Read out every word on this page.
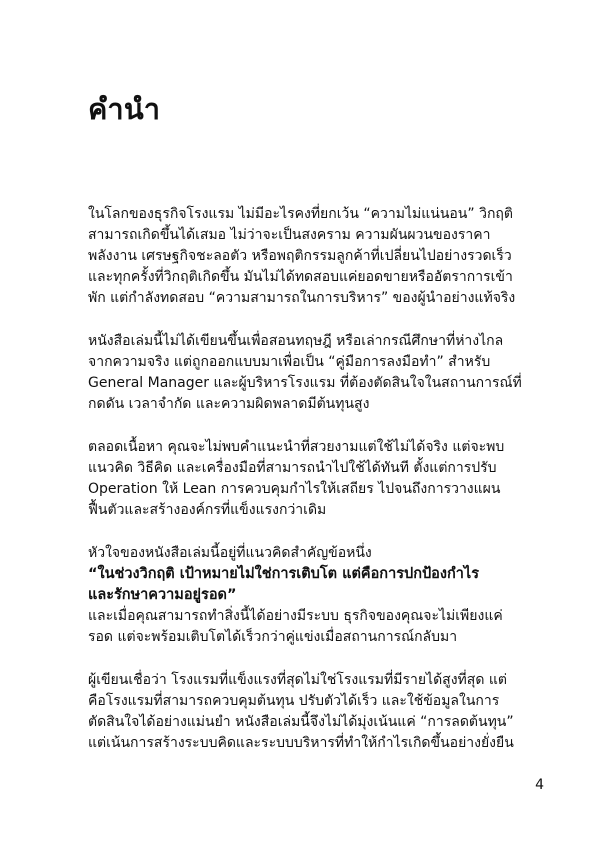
คำนำ

ในโลกของธุรกิจโรงแรม ไม่มีอะไรคงที่ยกเว้น “ความไม่แน่นอน” วิกฤติ
สามารถเกิดขึ้นได้เสมอ ไม่ว่าจะเป็นสงคราม ความผันผวนของราคา
พลังงาน เศรษฐกิจชะลอตัว หรือพฤติกรรมลูกค้าที่เปลี่ยนไปอย่างรวดเร็ว
และทุกครั้งที่วิกฤติเกิดขึ้น มันไม่ได้ทดสอบแค่ยอดขายหรืออัตราการเข้า
พัก แต่กำลังทดสอบ “ความสามารถในการบริหาร” ของผู้นำอย่างแท้จริง

หนังสือเล่มนี้ไม่ได้เขียนขึ้นเพื่อสอนทฤษฎี หรือเล่ากรณีศึกษาที่ห่างไกล
จากความจริง แต่ถูกออกแบบมาเพื่อเป็น “คู่มือการลงมือทำ” สำหรับ
General Manager และผู้บริหารโรงแรม ที่ต้องตัดสินใจในสถานการณ์ที่
กดดัน เวลาจำกัด และความผิดพลาดมีต้นทุนสูง

ตลอดเนื้อหา คุณจะไม่พบคำแนะนำที่สวยงามแต่ใช้ไม่ได้จริง แต่จะพบ
แนวคิด วิธีคิด และเครื่องมือที่สามารถนำไปใช้ได้ทันที ตั้งแต่การปรับ
Operation ให้ Lean การควบคุมกำไรให้เสถียร ไปจนถึงการวางแผน
ฟื้นตัวและสร้างองค์กรที่แข็งแรงกว่าเดิม

หัวใจของหนังสือเล่มนี้อยู่ที่แนวคิดสำคัญข้อหนึ่ง
“ในช่วงวิกฤติ เป้าหมายไม่ใช่การเติบโต แต่คือการปกป้องกำไร
และรักษาความอยู่รอด”
และเมื่อคุณสามารถทำสิ่งนี้ได้อย่างมีระบบ ธุรกิจของคุณจะไม่เพียงแค่
รอด แต่จะพร้อมเติบโตได้เร็วกว่าคู่แข่งเมื่อสถานการณ์กลับมา

ผู้เขียนเชื่อว่า โรงแรมที่แข็งแรงที่สุดไม่ใช่โรงแรมที่มีรายได้สูงที่สุด แต่
คือโรงแรมที่สามารถควบคุมต้นทุน ปรับตัวได้เร็ว และใช้ข้อมูลในการ
ตัดสินใจได้อย่างแม่นยำ หนังสือเล่มนี้จึงไม่ได้มุ่งเน้นแค่ “การลดต้นทุน”
แต่เน้นการสร้างระบบคิดและระบบบริหารที่ทำให้กำไรเกิดขึ้นอย่างยั่งยืน

4
